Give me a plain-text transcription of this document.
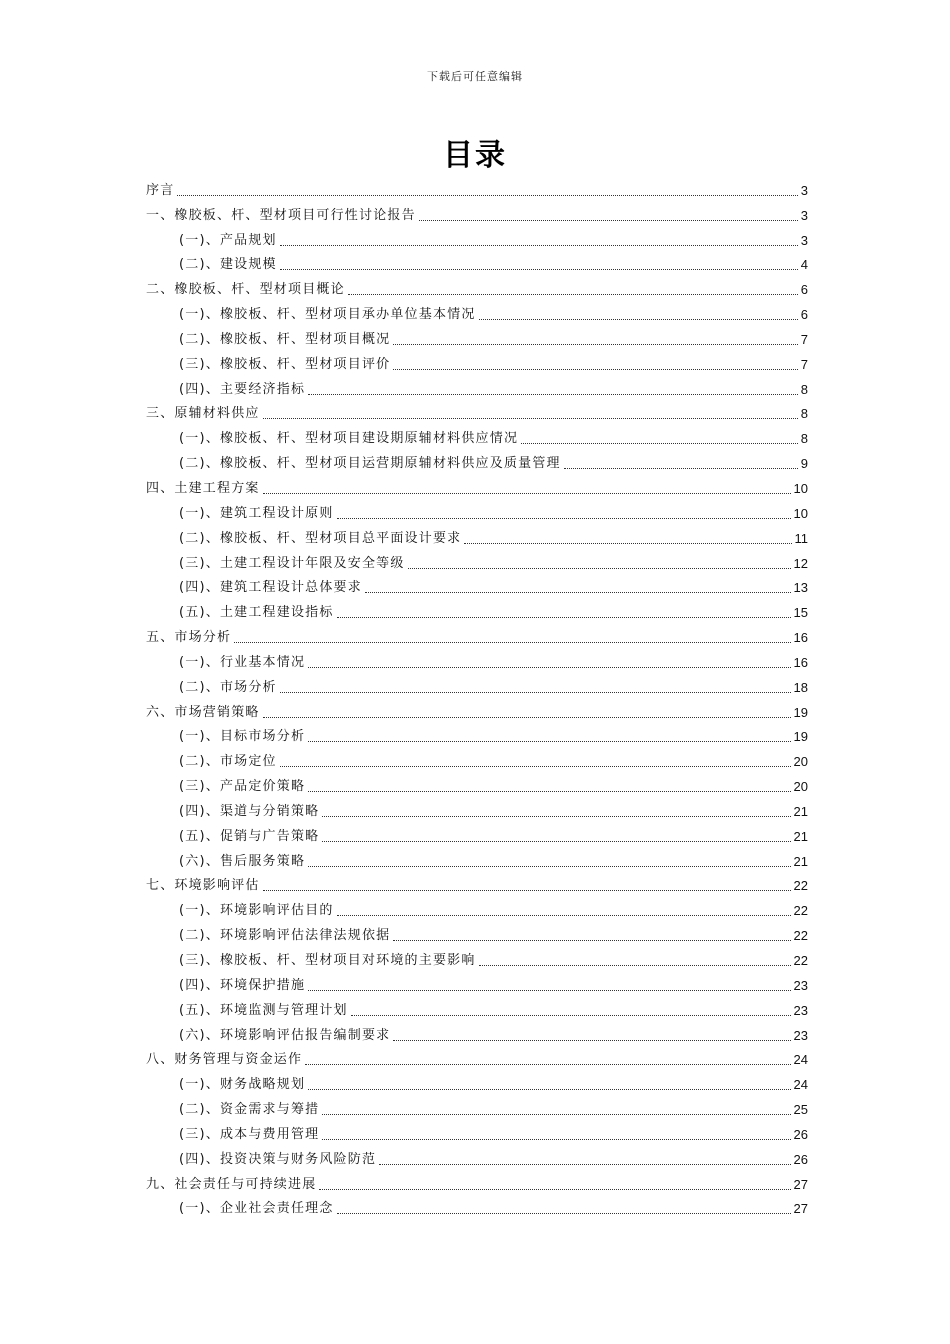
下载后可任意编辑
目录
序言	3
一、橡胶板、杆、型材项目可行性讨论报告	3
(一)、产品规划	3
(二)、建设规模	4
二、橡胶板、杆、型材项目概论	6
(一)、橡胶板、杆、型材项目承办单位基本情况	6
(二)、橡胶板、杆、型材项目概况	7
(三)、橡胶板、杆、型材项目评价	7
(四)、主要经济指标	8
三、原辅材料供应	8
(一)、橡胶板、杆、型材项目建设期原辅材料供应情况	8
(二)、橡胶板、杆、型材项目运营期原辅材料供应及质量管理	9
四、土建工程方案	10
(一)、建筑工程设计原则	10
(二)、橡胶板、杆、型材项目总平面设计要求	11
(三)、土建工程设计年限及安全等级	12
(四)、建筑工程设计总体要求	13
(五)、土建工程建设指标	15
五、市场分析	16
(一)、行业基本情况	16
(二)、市场分析	18
六、市场营销策略	19
(一)、目标市场分析	19
(二)、市场定位	20
(三)、产品定价策略	20
(四)、渠道与分销策略	21
(五)、促销与广告策略	21
(六)、售后服务策略	21
七、环境影响评估	22
(一)、环境影响评估目的	22
(二)、环境影响评估法律法规依据	22
(三)、橡胶板、杆、型材项目对环境的主要影响	22
(四)、环境保护措施	23
(五)、环境监测与管理计划	23
(六)、环境影响评估报告编制要求	23
八、财务管理与资金运作	24
(一)、财务战略规划	24
(二)、资金需求与筹措	25
(三)、成本与费用管理	26
(四)、投资决策与财务风险防范	26
九、社会责任与可持续进展	27
(一)、企业社会责任理念	27
